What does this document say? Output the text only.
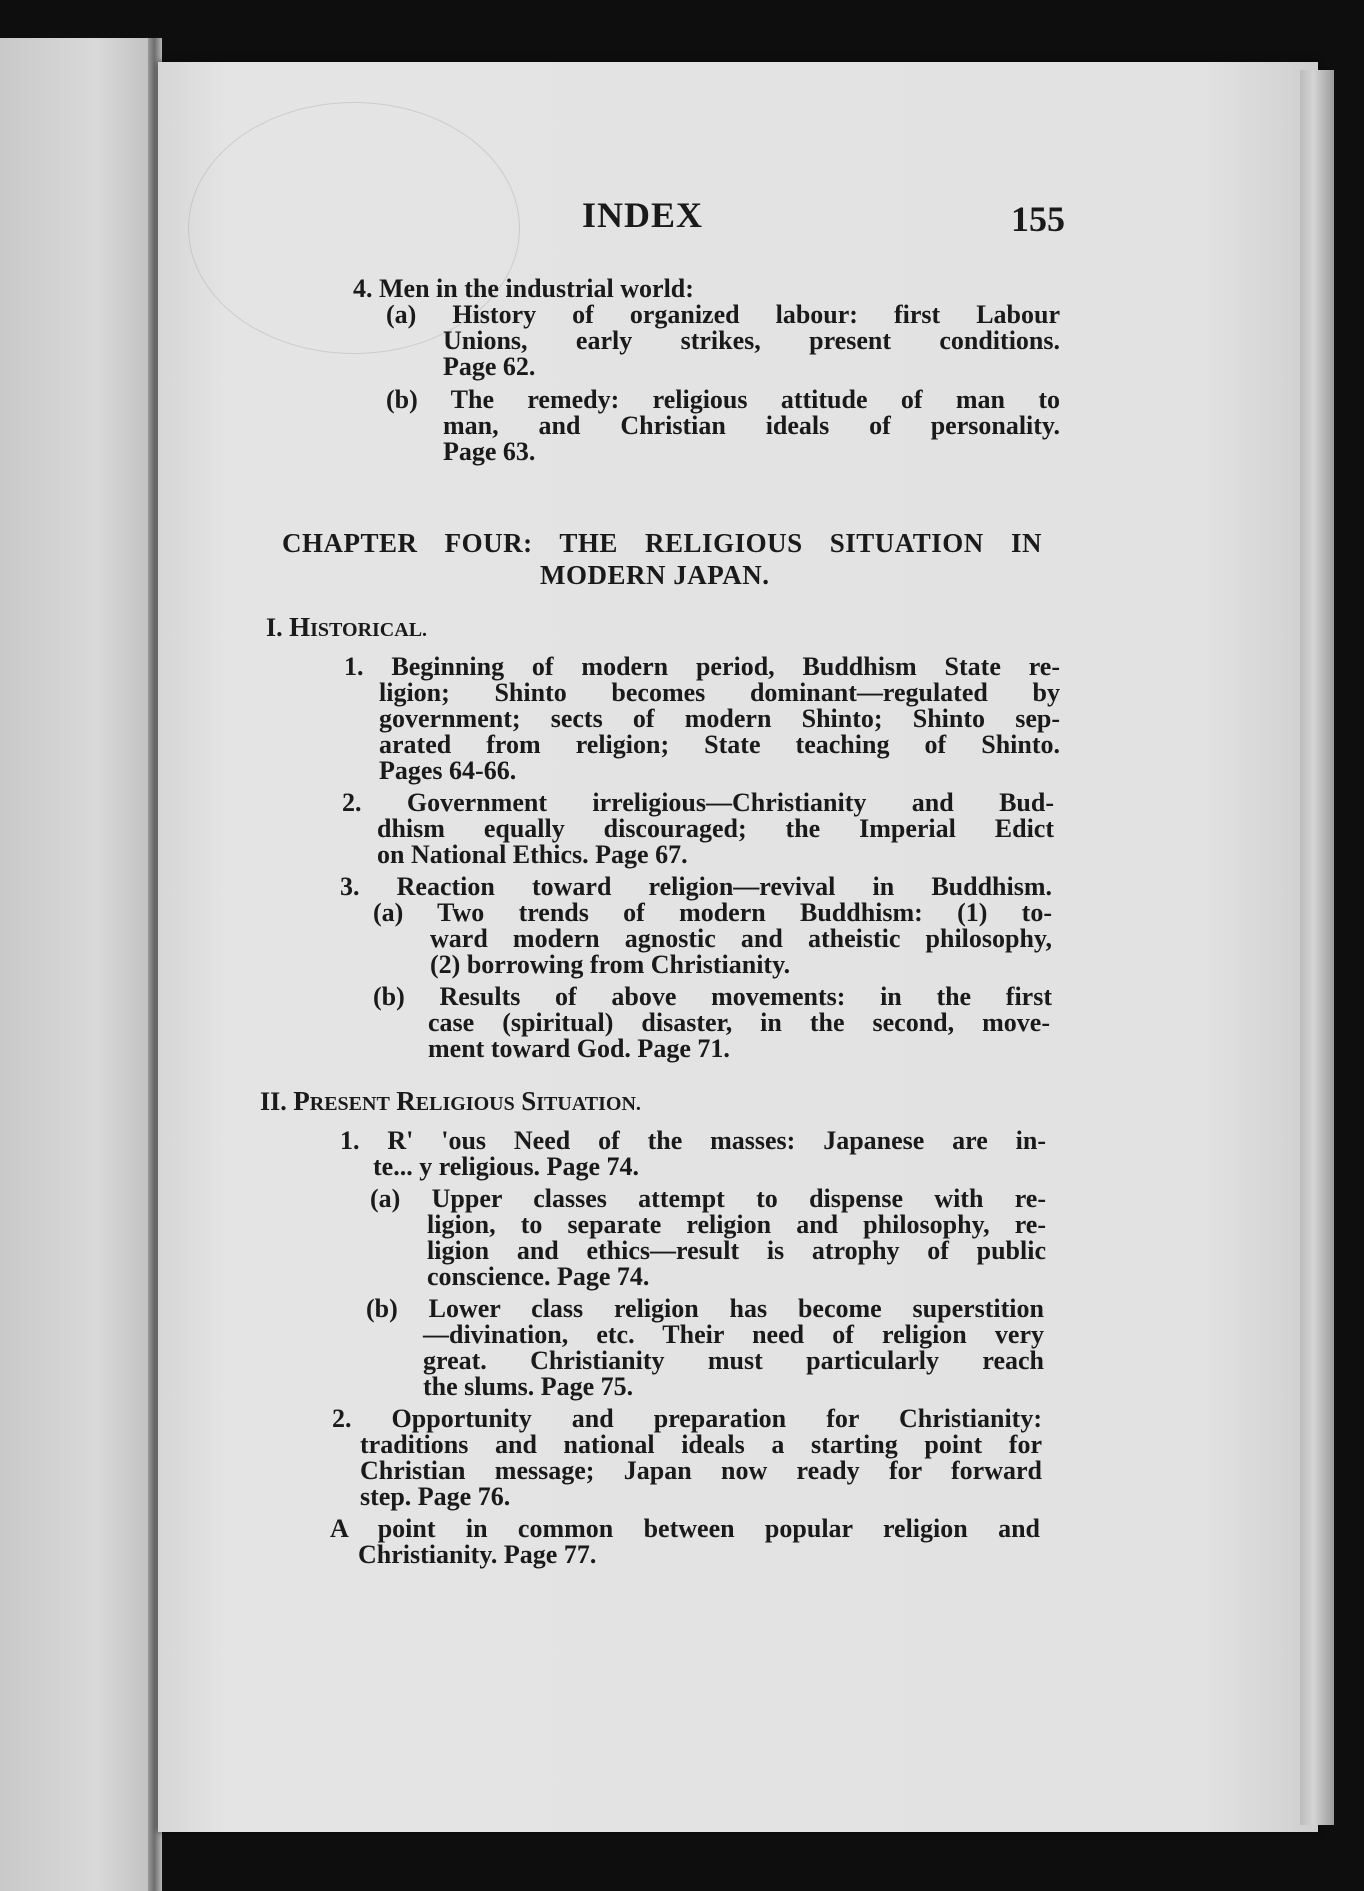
INDEX	155
4. Men in the industrial world:
(a) History of organized labour: first Labour
Unions, early strikes, present conditions.
Page 62.
(b) The remedy: religious attitude of man to
man, and Christian ideals of personality.
Page 63.
CHAPTER FOUR: THE RELIGIOUS SITUATION IN
MODERN JAPAN.
I. HISTORICAL.
1. Beginning of modern period, Buddhism State re-
ligion; Shinto becomes dominant—regulated by
government; sects of modern Shinto; Shinto sep-
arated from religion; State teaching of Shinto.
Pages 64-66.
2. Government irreligious—Christianity and Bud-
dhism equally discouraged; the Imperial Edict
on National Ethics. Page 67.
3. Reaction toward religion—revival in Buddhism.
(a) Two trends of modern Buddhism: (1) to-
ward modern agnostic and atheistic philosophy,
(2) borrowing from Christianity.
(b) Results of above movements: in the first
case (spiritual) disaster, in the second, move-
ment toward God. Page 71.
II. PRESENT RELIGIOUS SITUATION.
1. R' 'ous Need of the masses: Japanese are in-
te... y religious. Page 74.
(a) Upper classes attempt to dispense with re-
ligion, to separate religion and philosophy, re-
ligion and ethics—result is atrophy of public
conscience. Page 74.
(b) Lower class religion has become superstition
—divination, etc. Their need of religion very
great. Christianity must particularly reach
the slums. Page 75.
2. Opportunity and preparation for Christianity:
traditions and national ideals a starting point for
Christian message; Japan now ready for forward
step. Page 76.
A point in common between popular religion and
Christianity. Page 77.
